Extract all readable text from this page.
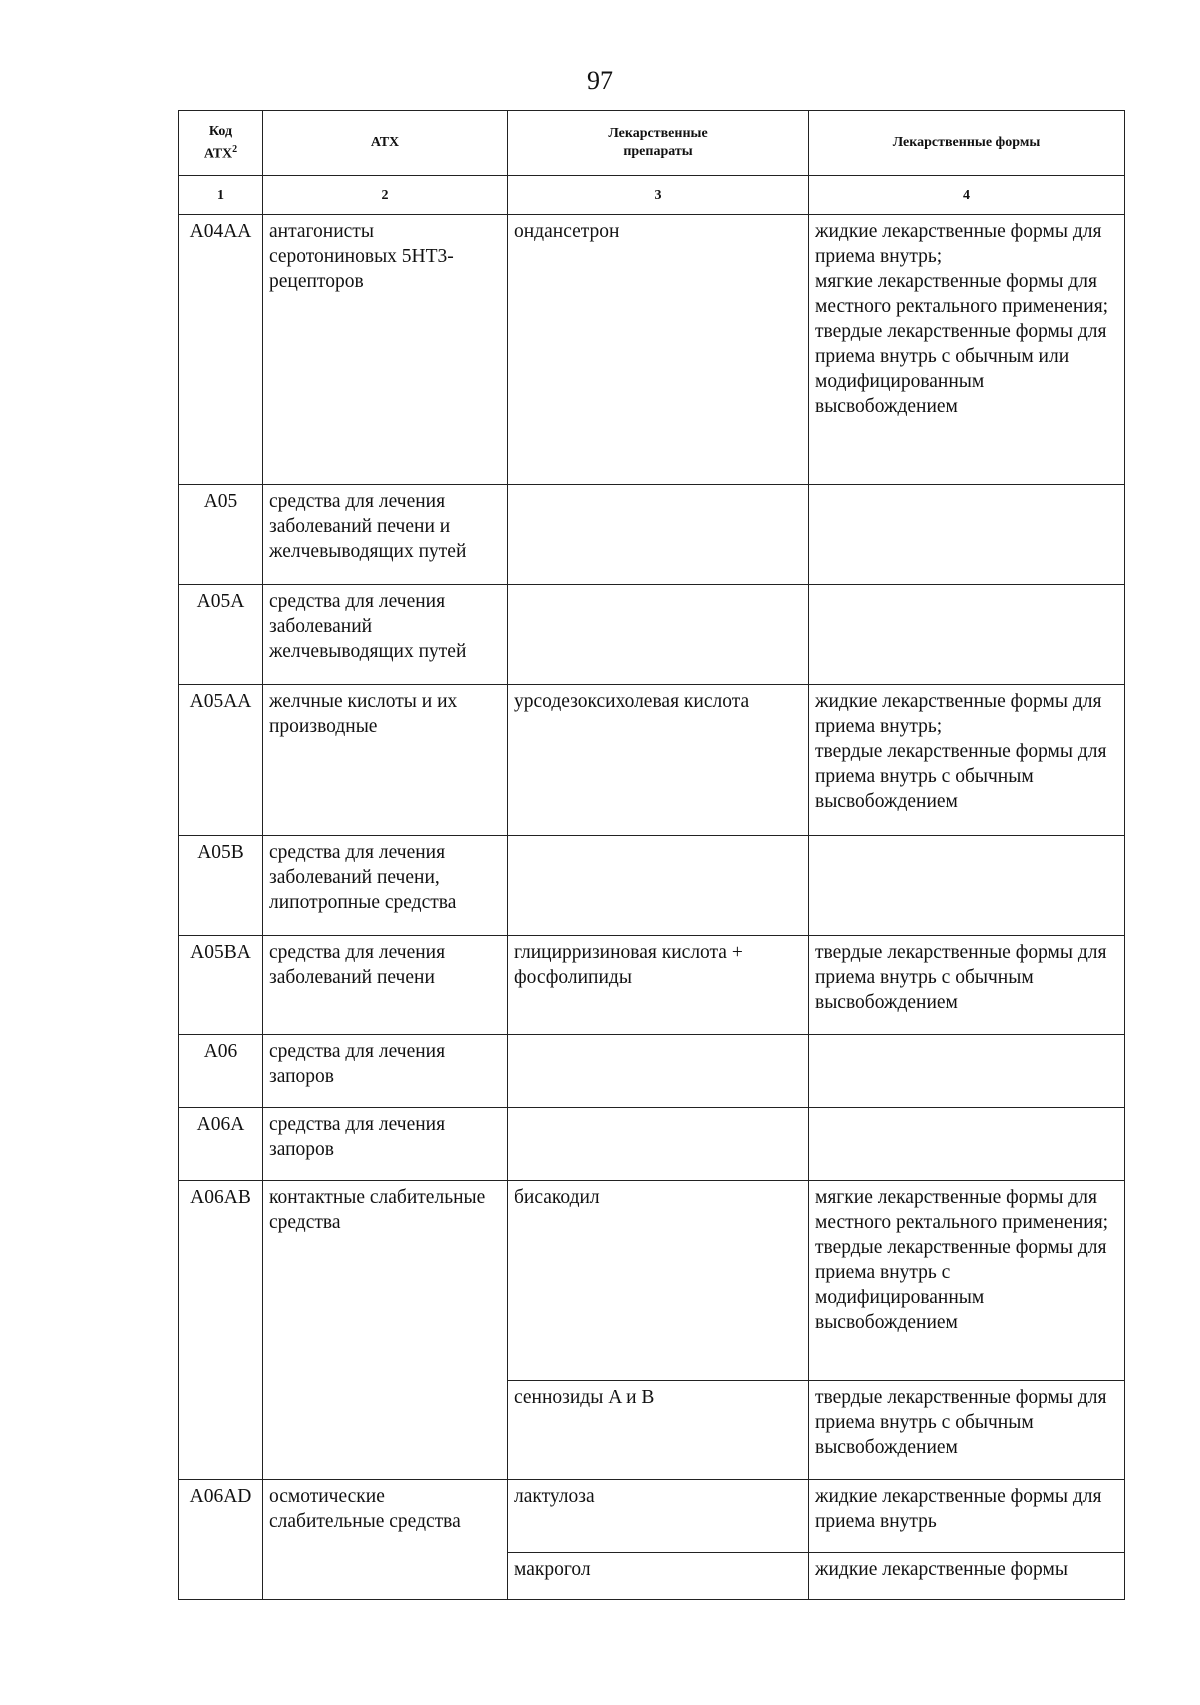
97
Код
АТХ$^2$	АТХ	Лекарственные
препараты	Лекарственные формы
1	2	3	4
A04AA	антагонисты серотониновых 5НТ3-рецепторов	ондансетрон	жидкие лекарственные формы для приема внутрь;
мягкие лекарственные формы для местного ректального применения;
твердые лекарственные формы для приема внутрь с обычным или модифицированным высвобождением
A05	средства для лечения заболеваний печени и желчевыводящих путей		
A05A	средства для лечения заболеваний желчевыводящих путей		
A05AA	желчные кислоты и их производные	урсодезоксихолевая кислота	жидкие лекарственные формы для приема внутрь;
твердые лекарственные формы для приема внутрь с обычным высвобождением
A05B	средства для лечения заболеваний печени, липотропные средства		
A05BA	средства для лечения заболеваний печени	глицирризиновая кислота + фосфолипиды	твердые лекарственные формы для приема внутрь с обычным высвобождением
A06	средства для лечения запоров		
A06A	средства для лечения запоров		
A06AB	контактные слабительные средства	бисакодил	мягкие лекарственные формы для местного ректального применения;
твердые лекарственные формы для приема внутрь с модифицированным высвобождением
		сеннозиды A и B	твердые лекарственные формы для приема внутрь с обычным высвобождением
A06AD	осмотические слабительные средства	лактулоза	жидкие лекарственные формы для приема внутрь
		макрогол	жидкие лекарственные формы
